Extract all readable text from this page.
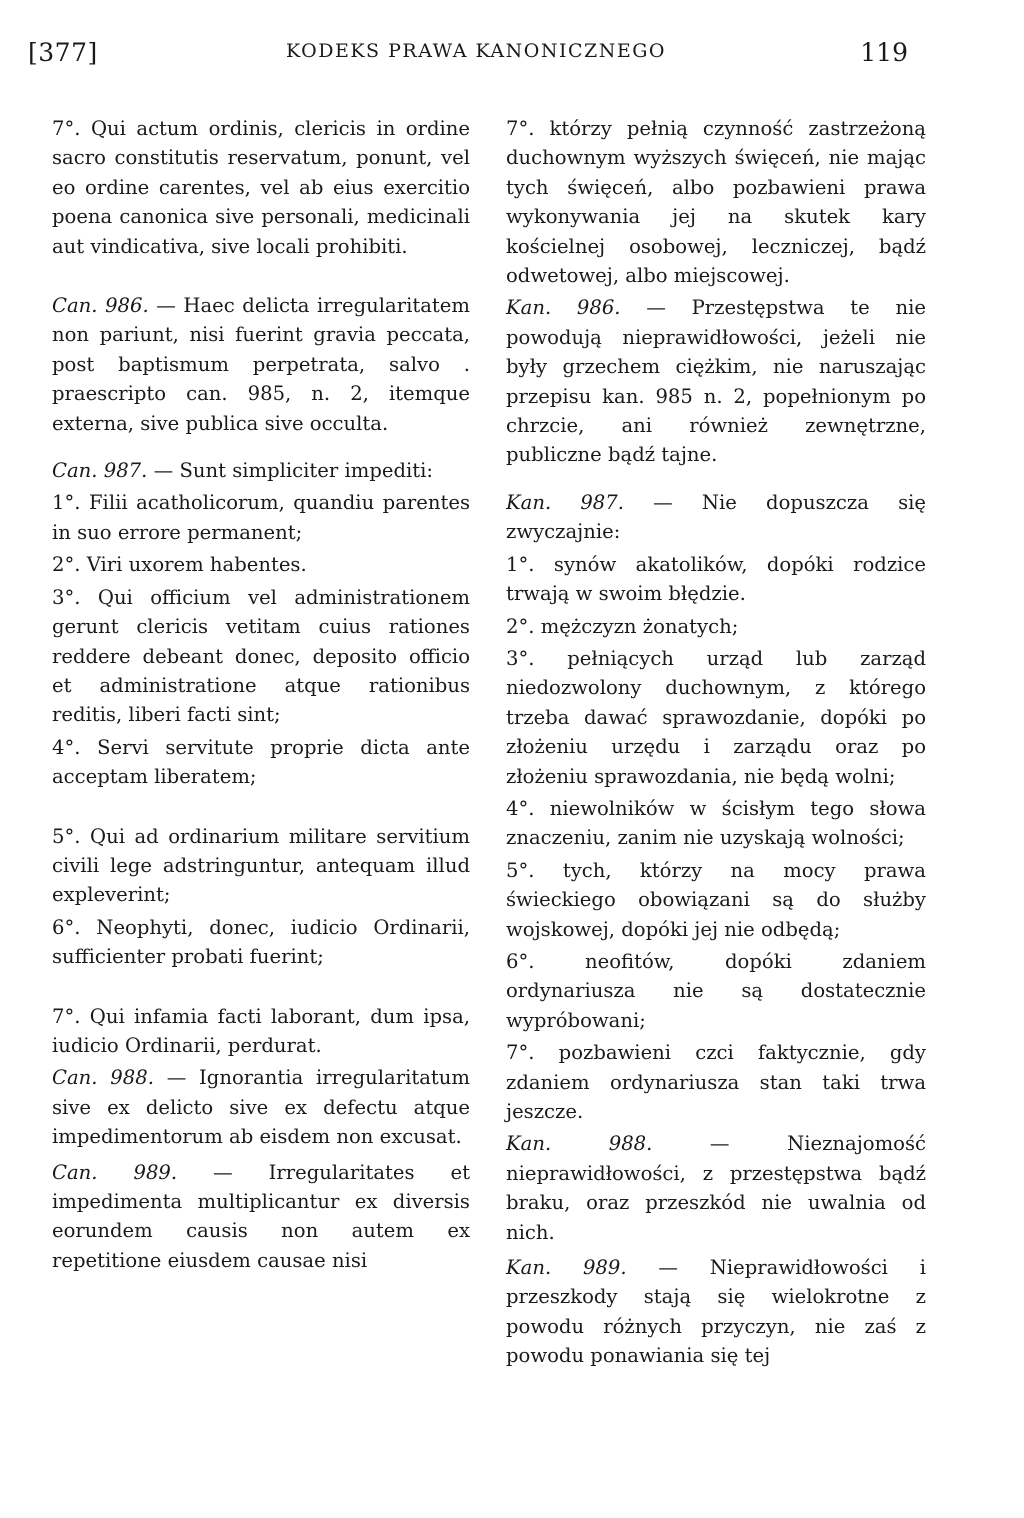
[377]	KODEKS PRAWA KANONICZNEGO	119

7°. Qui actum ordinis, clericis in ordine sacro constitutis reservatum, ponunt, vel eo ordine carentes, vel ab eius exercitio poena canonica sive personali, medicinali aut vindicativa, sive locali prohibiti.

Can. 986. — Haec delicta irregularitatem non pariunt, nisi fuerint gravia peccata, post baptismum perpetrata, salvo . praescripto can. 985, n. 2, itemque externa, sive publica sive occulta.

Can. 987. — Sunt simpliciter impediti:

1°. Filii acatholicorum, quandiu parentes in suo errore permanent;

2°. Viri uxorem habentes.

3°. Qui officium vel administrationem gerunt clericis vetitam cuius rationes reddere debeant donec, deposito officio et administratione atque rationibus reditis, liberi facti sint;

4°. Servi servitute proprie dicta ante acceptam liberatem;

5°. Qui ad ordinarium militare servitium civili lege adstringuntur, antequam illud expleverint;

6°. Neophyti, donec, iudicio Ordinarii, sufficienter probati fuerint;

7°. Qui infamia facti laborant, dum ipsa, iudicio Ordinarii, perdurat.

Can. 988. — Ignorantia irregularitatum sive ex delicto sive ex defectu atque impedimentorum ab eisdem non excusat.

Can. 989. — Irregularitates et impedimenta multiplicantur ex diversis eorundem causis non autem ex repetitione eiusdem causae nisi

7°. którzy pełnią czynność zastrzeżoną duchownym wyższych święceń, nie mając tych święceń, albo pozbawieni prawa wykonywania jej na skutek kary kościelnej osobowej, leczniczej, bądź odwetowej, albo miejscowej.

Kan. 986. — Przestępstwa te nie powodują nieprawidłowości, jeżeli nie były grzechem ciężkim, nie naruszając przepisu kan. 985 n. 2, popełnionym po chrzcie, ani również zewnętrzne, publiczne bądź tajne.

Kan. 987. — Nie dopuszcza się zwyczajnie:

1°. synów akatolików, dopóki rodzice trwają w swoim błędzie.

2°. mężczyzn żonatych;

3°. pełniących urząd lub zarząd niedozwolony duchownym, z którego trzeba dawać sprawozdanie, dopóki po złożeniu urzędu i zarządu oraz po złożeniu sprawozdania, nie będą wolni;

4°. niewolników w ścisłym tego słowa znaczeniu, zanim nie uzyskają wolności;

5°. tych, którzy na mocy prawa świeckiego obowiązani są do służby wojskowej, dopóki jej nie odbędą;

6°. neofitów, dopóki zdaniem ordynariusza nie są dostatecznie wypróbowani;

7°. pozbawieni czci faktycznie, gdy zdaniem ordynariusza stan taki trwa jeszcze.

Kan. 988. — Nieznajomość nieprawidłowości, z przestępstwa bądź braku, oraz przeszkód nie uwalnia od nich.

Kan. 989. — Nieprawidłowości i przeszkody stają się wielokrotne z powodu różnych przyczyn, nie zaś z powodu ponawiania się tej
